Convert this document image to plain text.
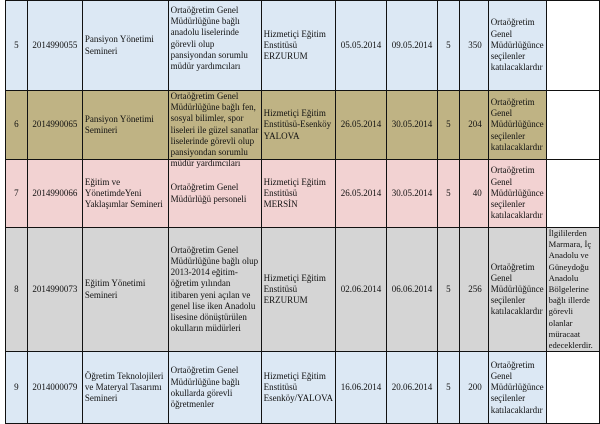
5	2014990055	Pansiyon Yönetimi Semineri	Ortaöğretim Genel Müdürlüğüne bağlı anadolu liselerinde görevli olup pansiyondan sorumlu müdür yardımcıları	Hizmetiçi Eğitim Enstitüsü ERZURUM	05.05.2014	09.05.2014	5	350	Ortaöğretim Genel Müdürlüğünce seçilenler katılacaklardır	
6	2014990065	Pansiyon Yönetimi Semineri	Ortaöğretim Genel Müdürlüğüne bağlı fen, sosyal bilimler, spor liseleri ile güzel sanatlar liselerinde görevli olup pansiyondan sorumlu müdür yardımcıları	Hizmetiçi Eğitim Enstitüsü-Esenköy YALOVA	26.05.2014	30.05.2014	5	204	Ortaöğretim Genel Müdürlüğünce seçilenler katılacaklardır	
7	2014990066	Eğitim ve YönetimdeYeni Yaklaşımlar Semineri	Ortaöğretim Genel Müdürlüğü personeli	Hizmetiçi Eğitim Enstitüsü MERSİN	26.05.2014	30.05.2014	5	40	Ortaöğretim Genel Müdürlüğünce seçilenler katılacaklardır	
8	2014990073	Eğitim Yönetimi Semineri	Ortaöğretim Genel Müdürlüğüne bağlı olup 2013-2014 eğitim-öğretim yılından itibaren yeni açılan ve genel lise iken Anadolu lisesine dönüştürülen okulların müdürleri	Hizmetiçi Eğitim Enstitüsü ERZURUM	02.06.2014	06.06.2014	5	256	Ortaöğretim Genel Müdürlüğünce seçilenler katılacaklardır	İlgililerden Marmara, İç Anadolu ve Güneydoğu Anadolu Bölgelerine bağlı illerde görevli olanlar müracaat edeceklerdir.
9	2014000079	Öğretim Teknolojileri ve Materyal Tasarımı Semineri	Ortaöğretim Genel Müdürlüğüne bağlı okullarda görevli öğretmenler	Hizmetiçi Eğitim Enstitüsü Esenköy/YALOVA	16.06.2014	20.06.2014	5	200	Ortaöğretim Genel Müdürlüğünce seçilenler katılacaklardır	
